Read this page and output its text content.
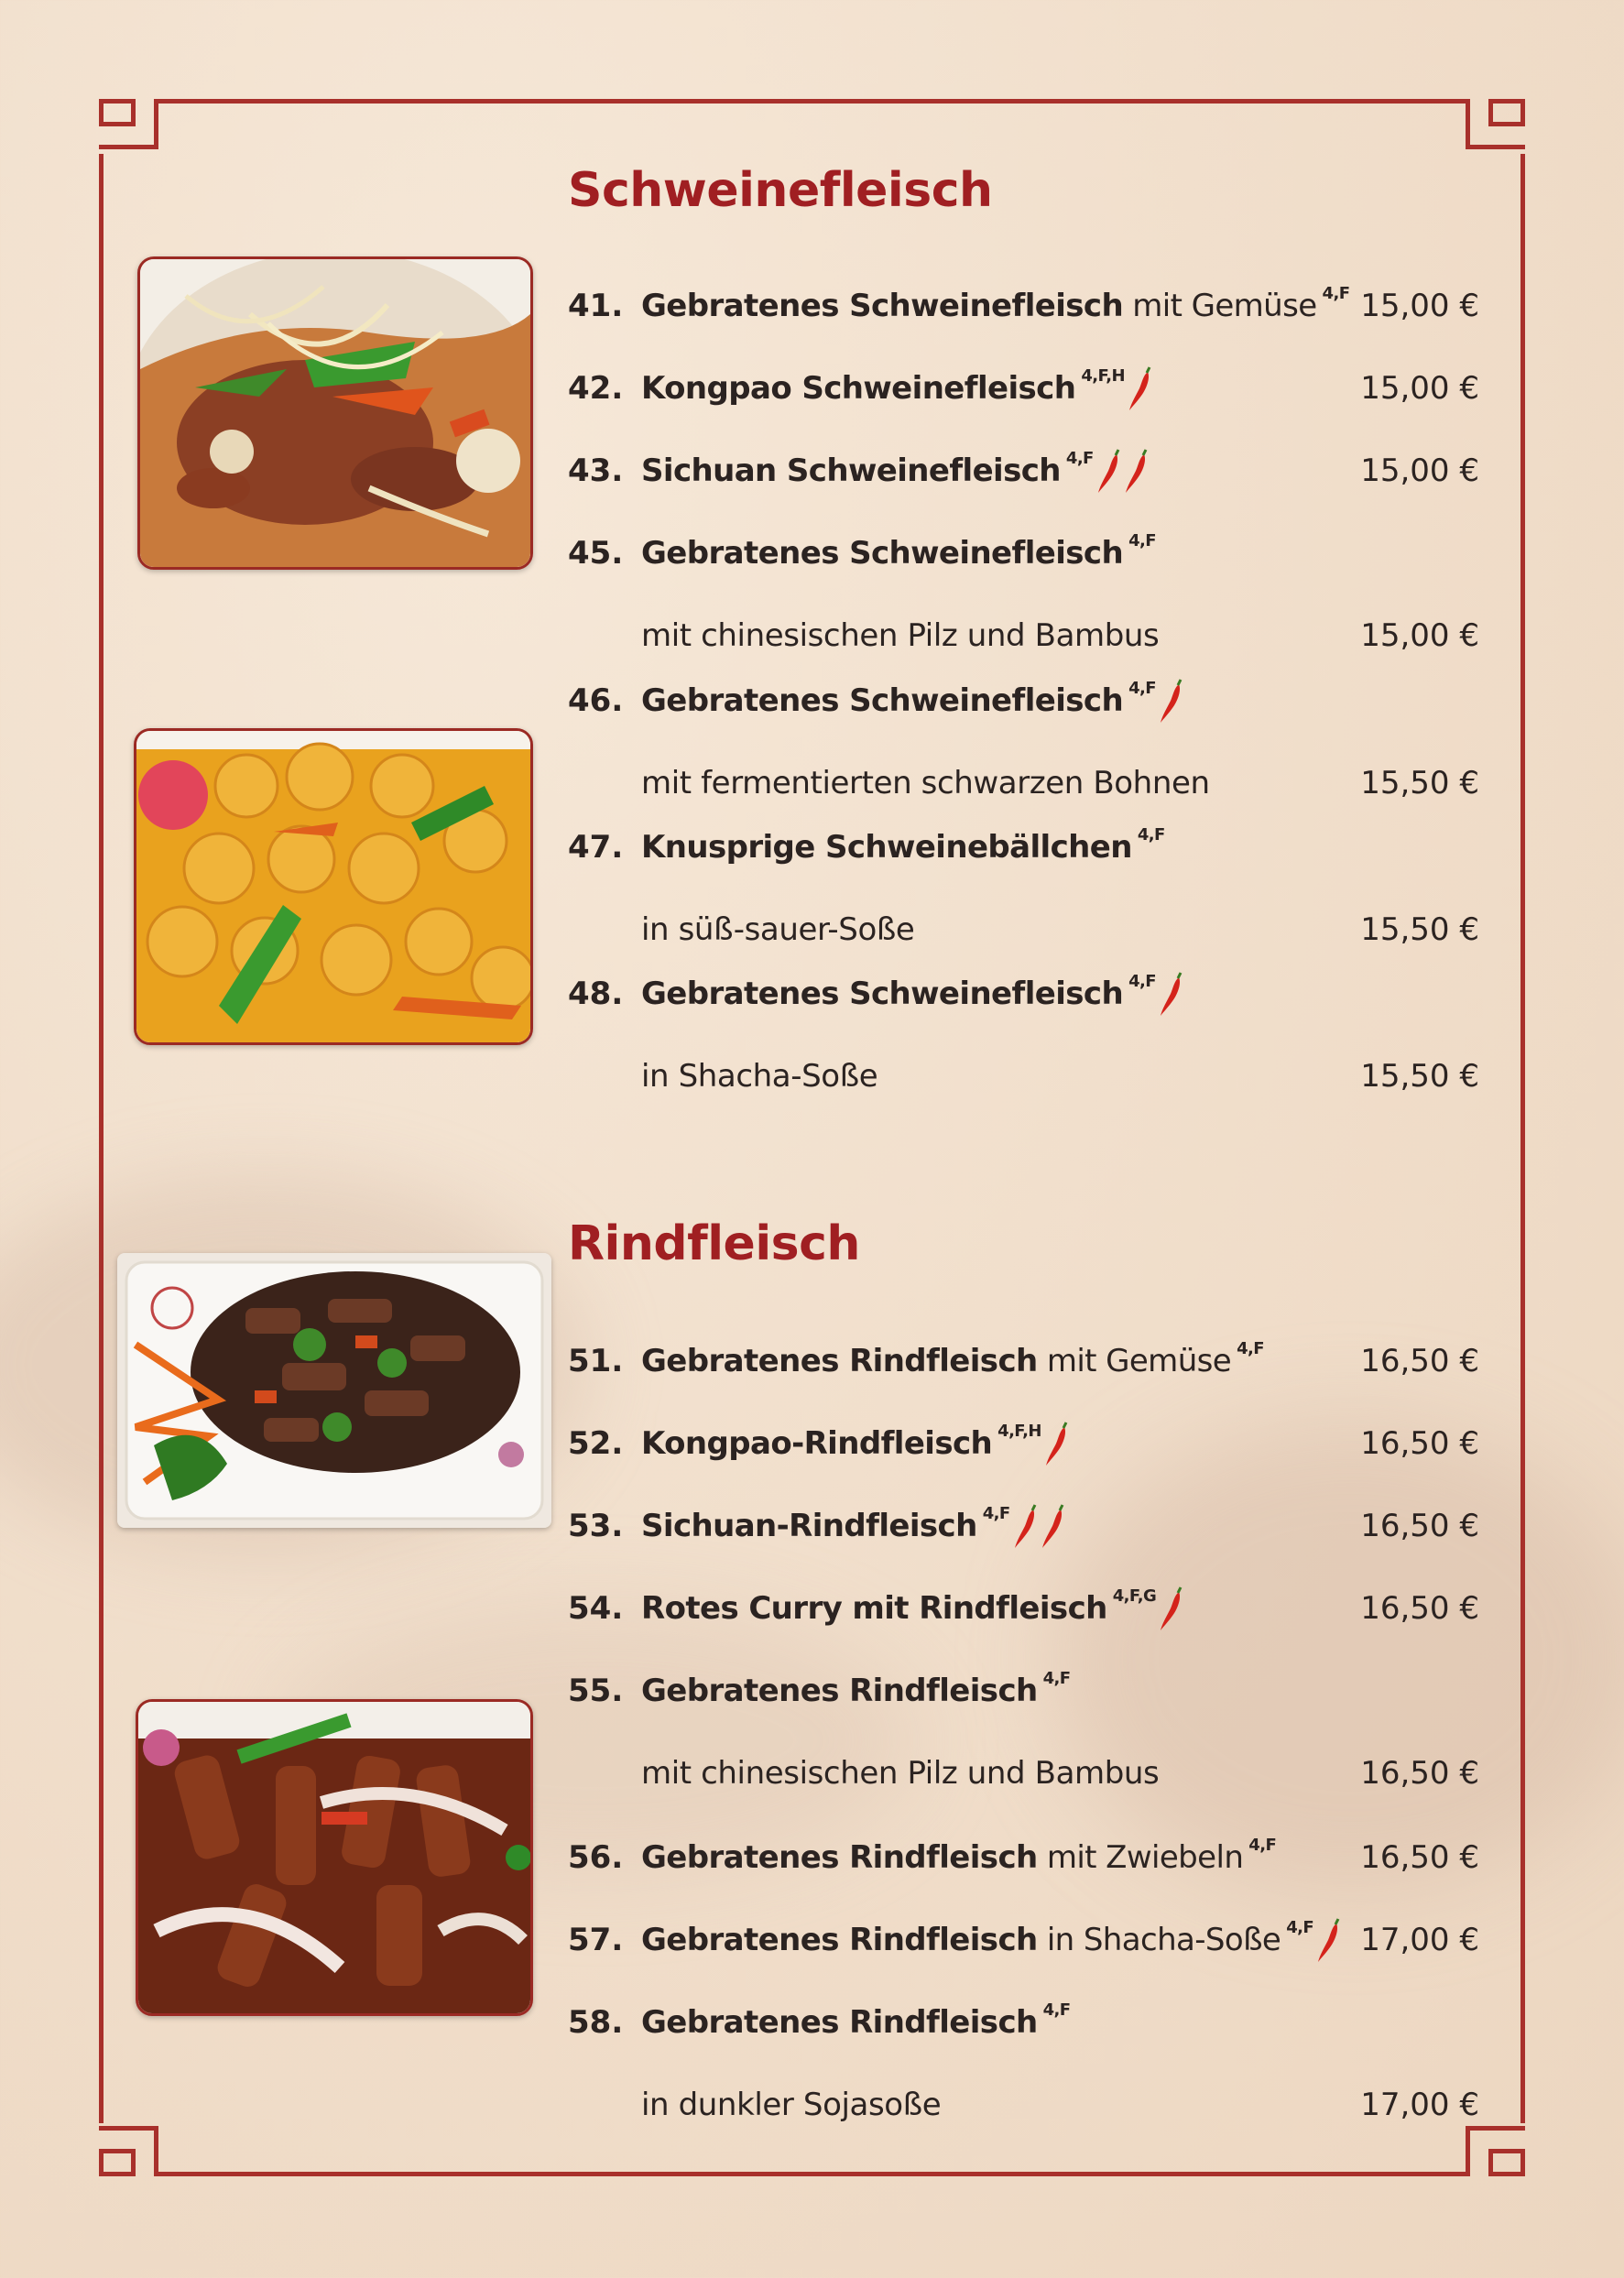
Schweinefleisch
41. Gebratenes Schweinefleisch mit Gemüse $^{4,F}$ 15,00 €
42. Kongpao Schweinefleisch $^{4,F,H}$	15,00 €
43. Sichuan Schweinefleisch $^{4,F}$	15,00 €
45. Gebratenes Schweinefleisch $^{4,F}$
mit chinesischen Pilz und Bambus	15,00 €
46. Gebratenes Schweinefleisch $^{4,F}$
mit fermentierten schwarzen Bohnen	15,50 €
47. Knusprige Schweinebällchen $^{4,F}$
in süß-sauer-Soße	15,50 €
48. Gebratenes Schweinefleisch $^{4,F}$
in Shacha-Soße	15,50 €
Rindfleisch
51. Gebratenes Rindfleisch mit Gemüse $^{4,F}$	16,50 €
52. Kongpao-Rindfleisch $^{4,F,H}$	16,50 €
53. Sichuan-Rindfleisch $^{4,F}$	16,50 €
54. Rotes Curry mit Rindfleisch $^{4,F,G}$	16,50 €
55. Gebratenes Rindfleisch $^{4,F}$
mit chinesischen Pilz und Bambus	16,50 €
56. Gebratenes Rindfleisch mit Zwiebeln $^{4,F}$	16,50 €
57. Gebratenes Rindfleisch in Shacha-Soße $^{4,F}$	17,00 €
58. Gebratenes Rindfleisch $^{4,F}$
in dunkler Sojasoße	17,00 €
